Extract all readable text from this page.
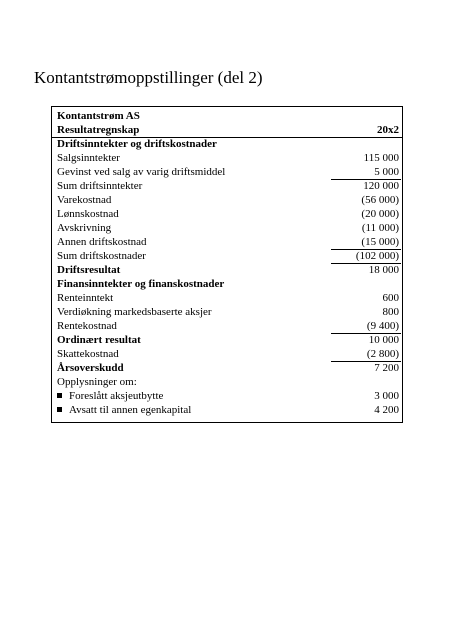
Kontantstrømoppstillinger (del 2)
Kontantstrøm AS
Resultatregnskap	20x2
Driftsinntekter og driftskostnader
Salgsinntekter	115 000
Gevinst ved salg av varig driftsmiddel	5 000
Sum driftsinntekter	120 000
Varekostnad	(56 000)
Lønnskostnad	(20 000)
Avskrivning	(11 000)
Annen driftskostnad	(15 000)
Sum driftskostnader	(102 000)
Driftsresultat	18 000
Finansinntekter og finanskostnader
Renteinntekt	600
Verdiøkning markedsbaserte aksjer	800
Rentekostnad	(9 400)
Ordinært resultat	10 000
Skattekostnad	(2 800)
Årsoverskudd	7 200
Opplysninger om:
Foreslått aksjeutbytte	3 000
Avsatt til annen egenkapital	4 200
